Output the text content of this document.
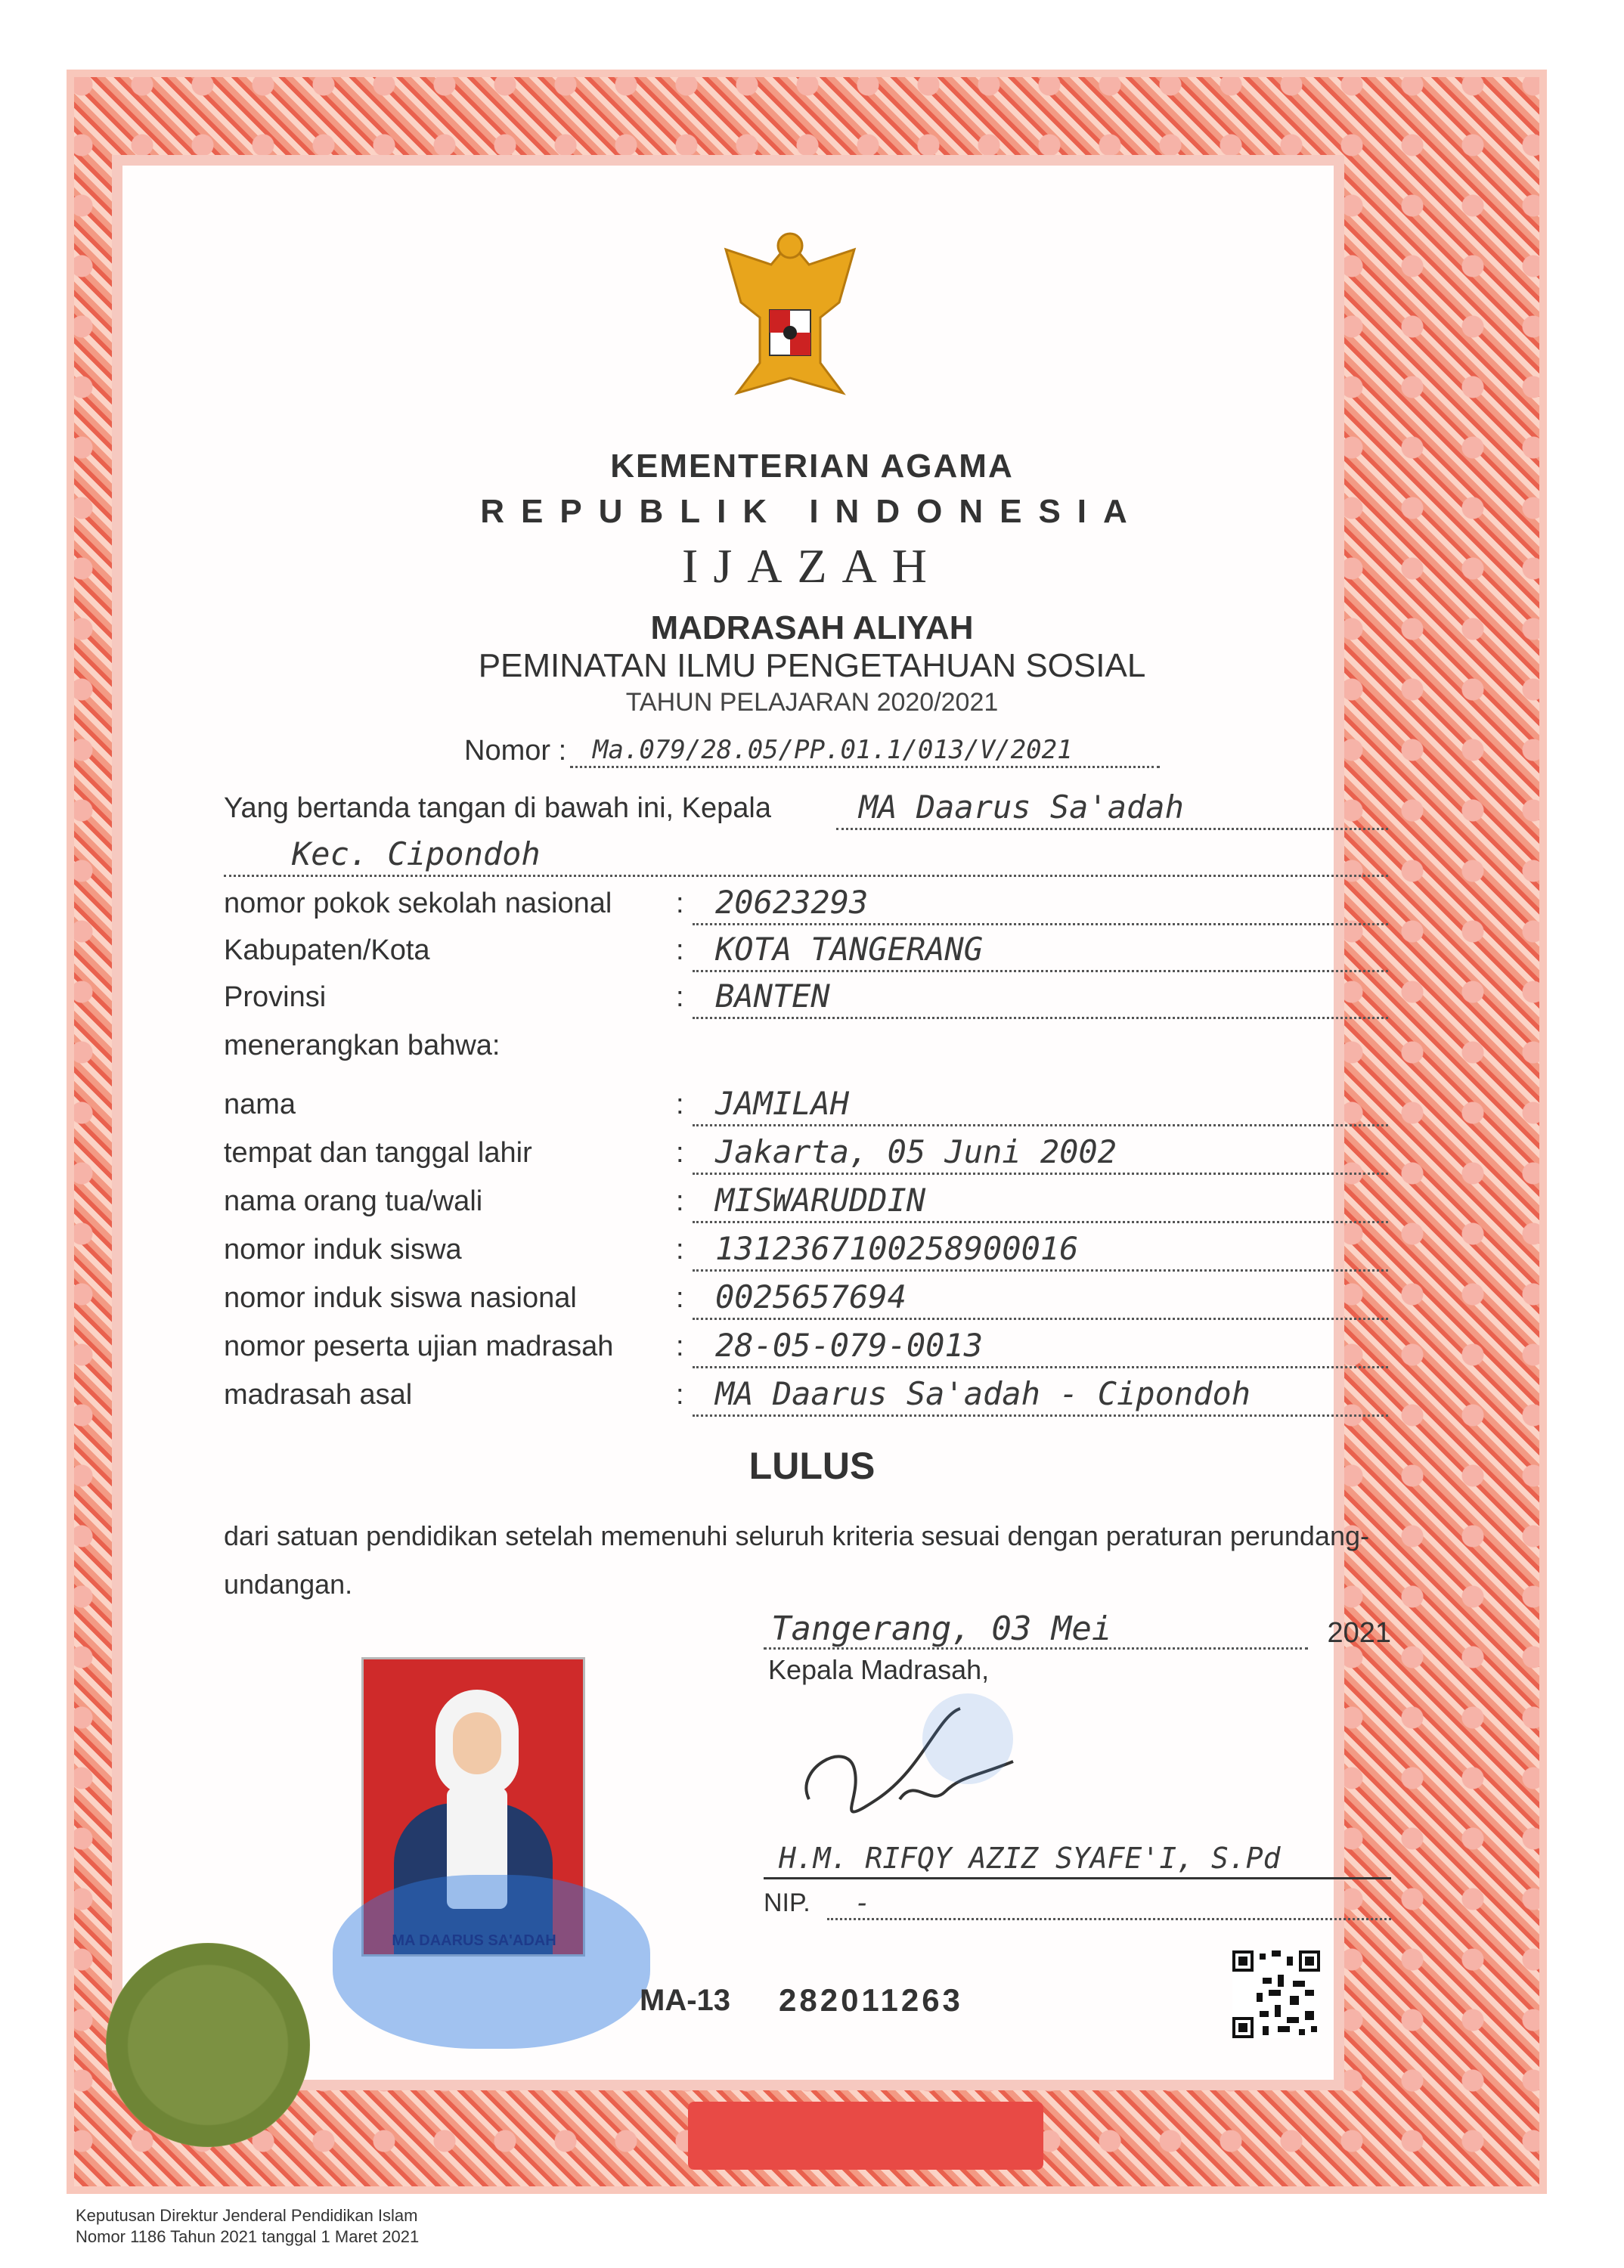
KEMENTERIAN AGAMA
REPUBLIK INDONESIA
IJAZAH
MADRASAH ALIYAH
PEMINATAN ILMU PENGETAHUAN SOSIAL
TAHUN PELAJARAN 2020/2021
Nomor : Ma.079/28.05/PP.01.1/013/V/2021
Yang bertanda tangan di bawah ini, Kepala	MA Daarus Sa'adah
Kec. Cipondoh
nomor pokok sekolah nasional : 20623293
Kabupaten/Kota	: KOTA TANGERANG
Provinsi	: BANTEN
menerangkan bahwa:
nama	: JAMILAH
tempat dan tanggal lahir	: Jakarta, 05 Juni 2002
nama orang tua/wali	: MISWARUDDIN
nomor induk siswa	: 1312367100258900016
nomor induk siswa nasional	: 0025657694
nomor peserta ujian madrasah : 28-05-079-0013
madrasah asal	: MA Daarus Sa'adah - Cipondoh
LULUS
dari satuan pendidikan setelah memenuhi seluruh kriteria sesuai dengan peraturan perundang-undangan.
Tangerang, 03 Mei	2021
Kepala Madrasah,
H.M. RIFQY AZIZ SYAFE'I, S.Pd
NIP. -
MA DAARUS SA'ADAH
MA-13 282011263
Keputusan Direktur Jenderal Pendidikan Islam
Nomor 1186 Tahun 2021 tanggal 1 Maret 2021
